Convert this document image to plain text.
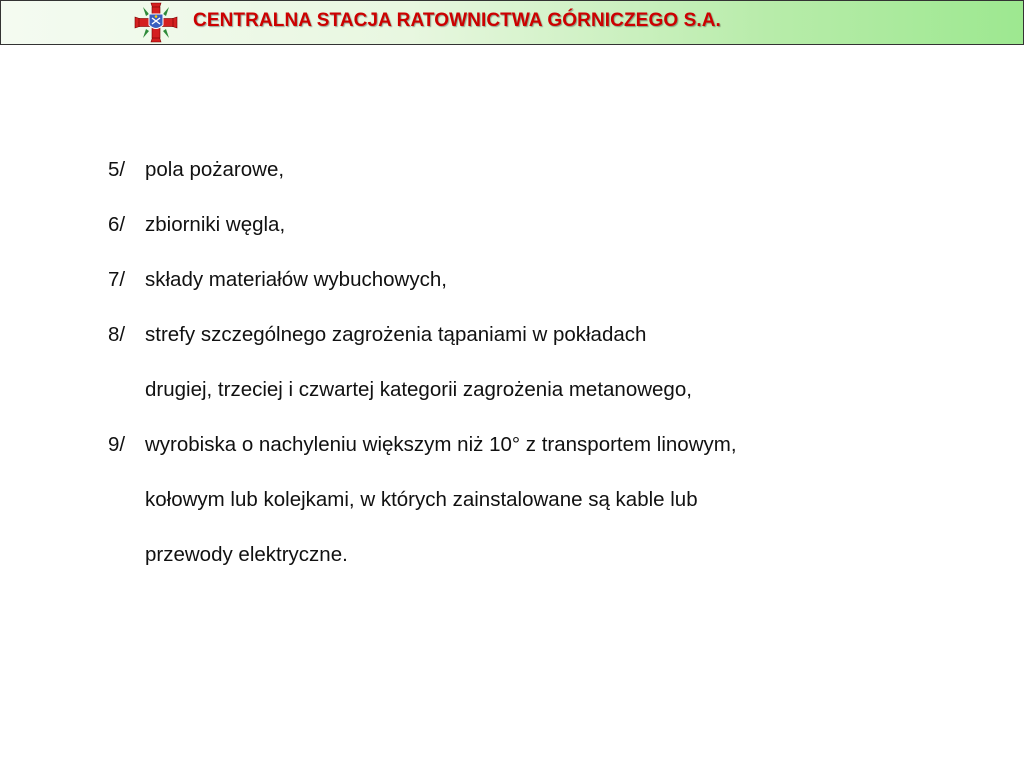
CENTRALNA STACJA RATOWNICTWA GÓRNICZEGO S.A.
5/ pola pożarowe,
6/ zbiorniki węgla,
7/ składy materiałów wybuchowych,
8/ strefy szczególnego zagrożenia tąpaniami w pokładach
drugiej, trzeciej i czwartej kategorii zagrożenia metanowego,
9/ wyrobiska o nachyleniu większym niż 10° z transportem linowym,
kołowym lub kolejkami, w których zainstalowane są kable lub
przewody elektryczne.
